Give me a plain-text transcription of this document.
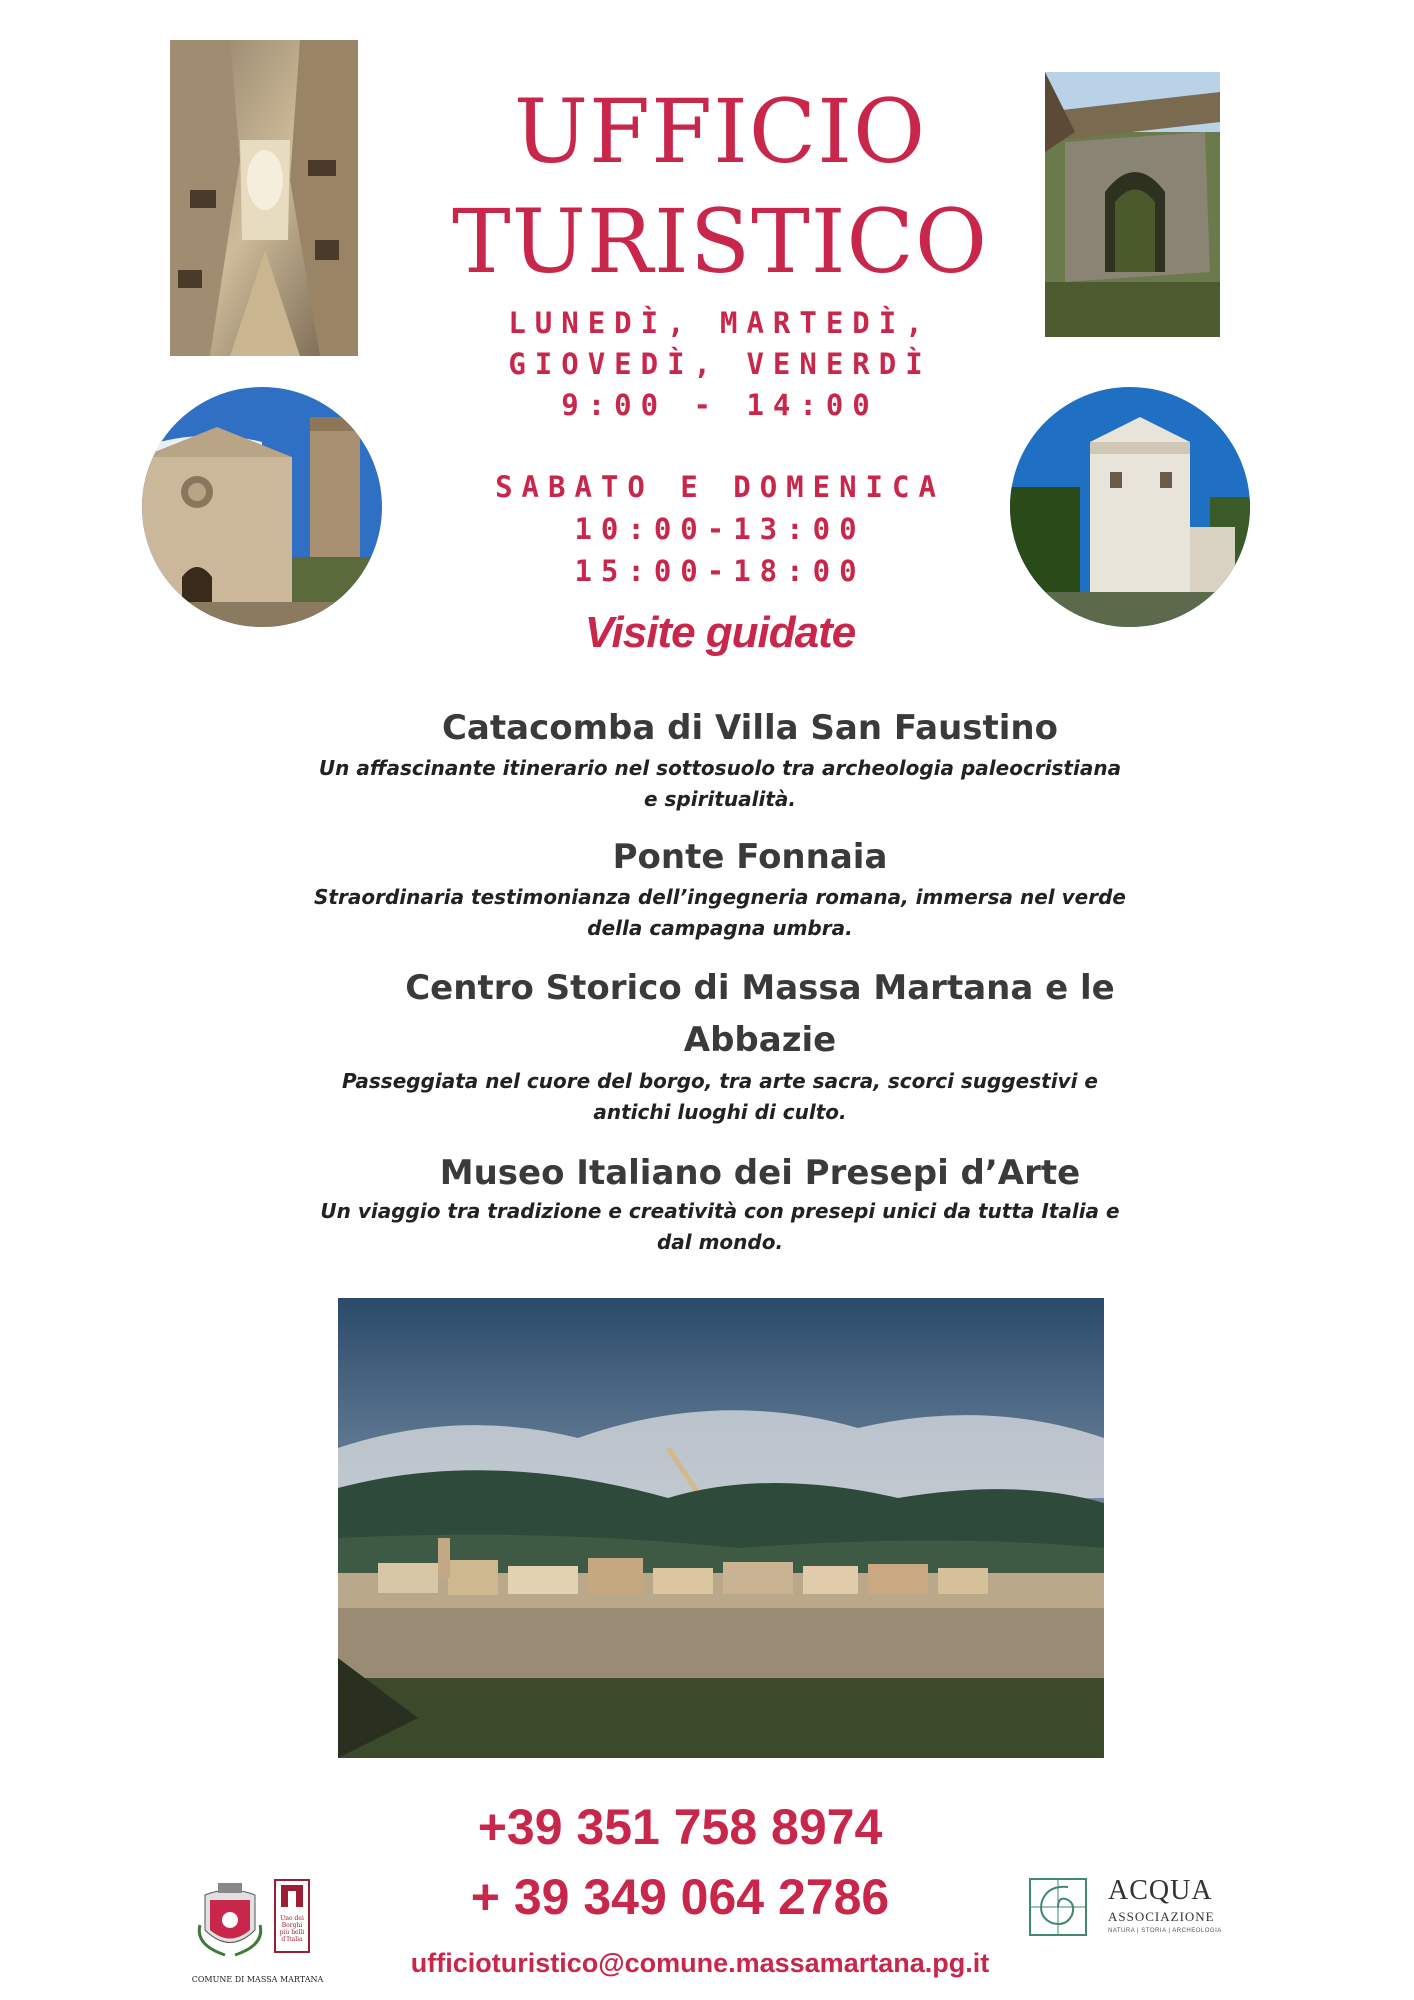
UFFICIO
TURISTICO
LUNEDÌ, MARTEDÌ,
GIOVEDÌ, VENERDÌ
9:00 - 14:00
SABATO E DOMENICA
10:00-13:00
15:00-18:00
Visite guidate
Catacomba di Villa San Faustino
Un affascinante itinerario nel sottosuolo tra archeologia paleocristiana
e spiritualità.
Ponte Fonnaia
Straordinaria testimonianza dell’ingegneria romana, immersa nel verde
della campagna umbra.
Centro Storico di Massa Martana e le
Abbazie
Passeggiata nel cuore del borgo, tra arte sacra, scorci suggestivi e
antichi luoghi di culto.
Museo Italiano dei Presepi d’Arte
Un viaggio tra tradizione e creatività con presepi unici da tutta Italia e
dal mondo.
+39 351 758 8974
+ 39 349 064 2786
ufficioturistico@comune.massamartana.pg.it
Uno dei
Borghi
più belli
d'Italia
COMUNE DI MASSA MARTANA
ACQUA
ASSOCIAZIONE
NATURA | STORIA | ARCHEOLOGIA
